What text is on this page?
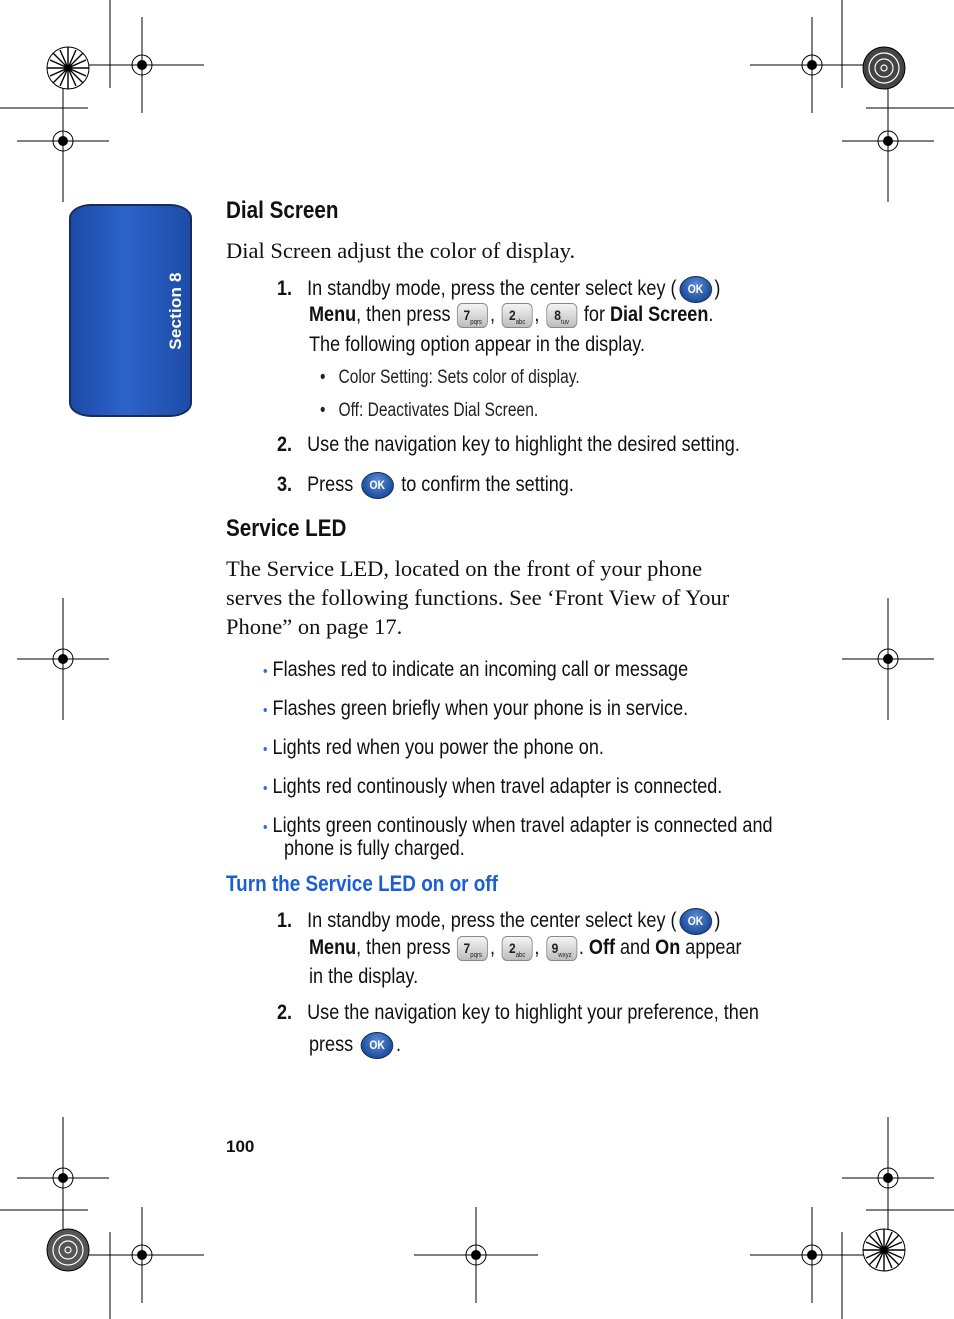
Section 8
Dial Screen
Dial Screen adjust the color of display.
1. In standby mode, press the center select key ( OK )
Menu, then press $7_{pqrs}$ , $2_{abc}$ , $8_{tuv}$ for Dial Screen.
The following option appear in the display.
• Color Setting: Sets color of display.
• Off: Deactivates Dial Screen.
2. Use the navigation key to highlight the desired setting.
3. Press OK to confirm the setting.
Service LED
The Service LED, located on the front of your phone
serves the following functions. See ‘Front View of Your
Phone” on page 17.
• Flashes red to indicate an incoming call or message
• Flashes green briefly when your phone is in service.
• Lights red when you power the phone on.
• Lights red continously when travel adapter is connected.
• Lights green continously when travel adapter is connected and
phone is fully charged.
Turn the Service LED on or off
1. In standby mode, press the center select key ( OK )
Menu, then press $7_{pqrs}$ , $2_{abc}$ , $9_{wxyz}$ . Off and On appear
in the display.
2. Use the navigation key to highlight your preference, then
press OK .
100
